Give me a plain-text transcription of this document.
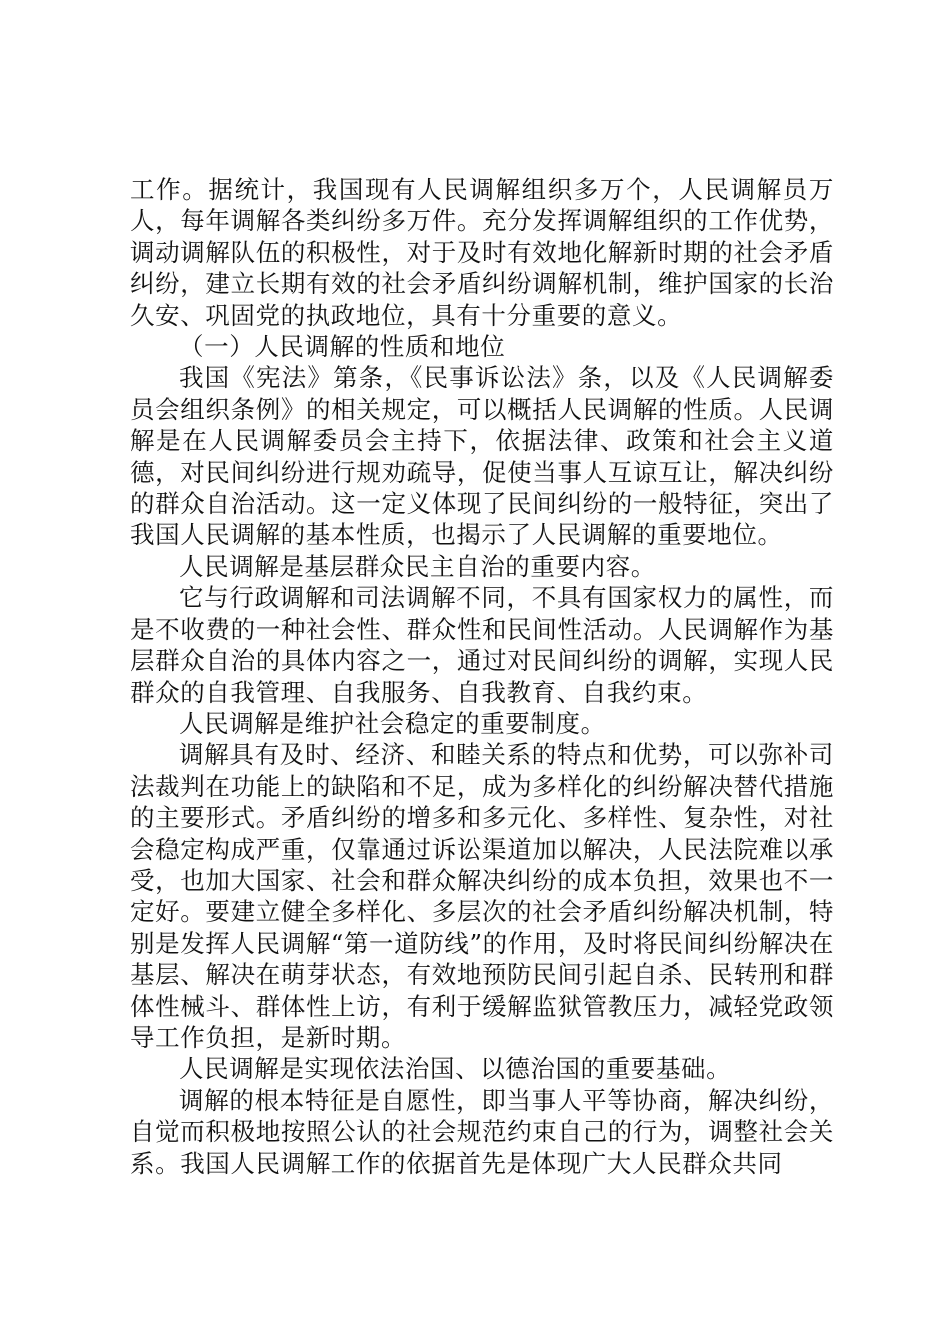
工作。据统计，我国现有人民调解组织多万个，人民调解员万人，每年调解各类纠纷多万件。充分发挥调解组织的工作优势，调动调解队伍的积极性，对于及时有效地化解新时期的社会矛盾纠纷，建立长期有效的社会矛盾纠纷调解机制，维护国家的长治久安、巩固党的执政地位，具有十分重要的意义。

（一）人民调解的性质和地位

我国《宪法》第条，《民事诉讼法》条，以及《人民调解委员会组织条例》的相关规定，可以概括人民调解的性质。人民调解是在人民调解委员会主持下，依据法律、政策和社会主义道德，对民间纠纷进行规劝疏导，促使当事人互谅互让，解决纠纷的群众自治活动。这一定义体现了民间纠纷的一般特征，突出了我国人民调解的基本性质，也揭示了人民调解的重要地位。

人民调解是基层群众民主自治的重要内容。

它与行政调解和司法调解不同，不具有国家权力的属性，而是不收费的一种社会性、群众性和民间性活动。人民调解作为基层群众自治的具体内容之一，通过对民间纠纷的调解，实现人民群众的自我管理、自我服务、自我教育、自我约束。

人民调解是维护社会稳定的重要制度。

调解具有及时、经济、和睦关系的特点和优势，可以弥补司法裁判在功能上的缺陷和不足，成为多样化的纠纷解决替代措施的主要形式。矛盾纠纷的增多和多元化、多样性、复杂性，对社会稳定构成严重，仅靠通过诉讼渠道加以解决，人民法院难以承受，也加大国家、社会和群众解决纠纷的成本负担，效果也不一定好。要建立健全多样化、多层次的社会矛盾纠纷解决机制，特别是发挥人民调解“第一道防线”的作用，及时将民间纠纷解决在基层、解决在萌芽状态，有效地预防民间引起自杀、民转刑和群体性械斗、群体性上访，有利于缓解监狱管教压力，减轻党政领导工作负担，是新时期。

人民调解是实现依法治国、以德治国的重要基础。

调解的根本特征是自愿性，即当事人平等协商，解决纠纷，自觉而积极地按照公认的社会规范约束自己的行为，调整社会关系。我国人民调解工作的依据首先是体现广大人民群众共同
